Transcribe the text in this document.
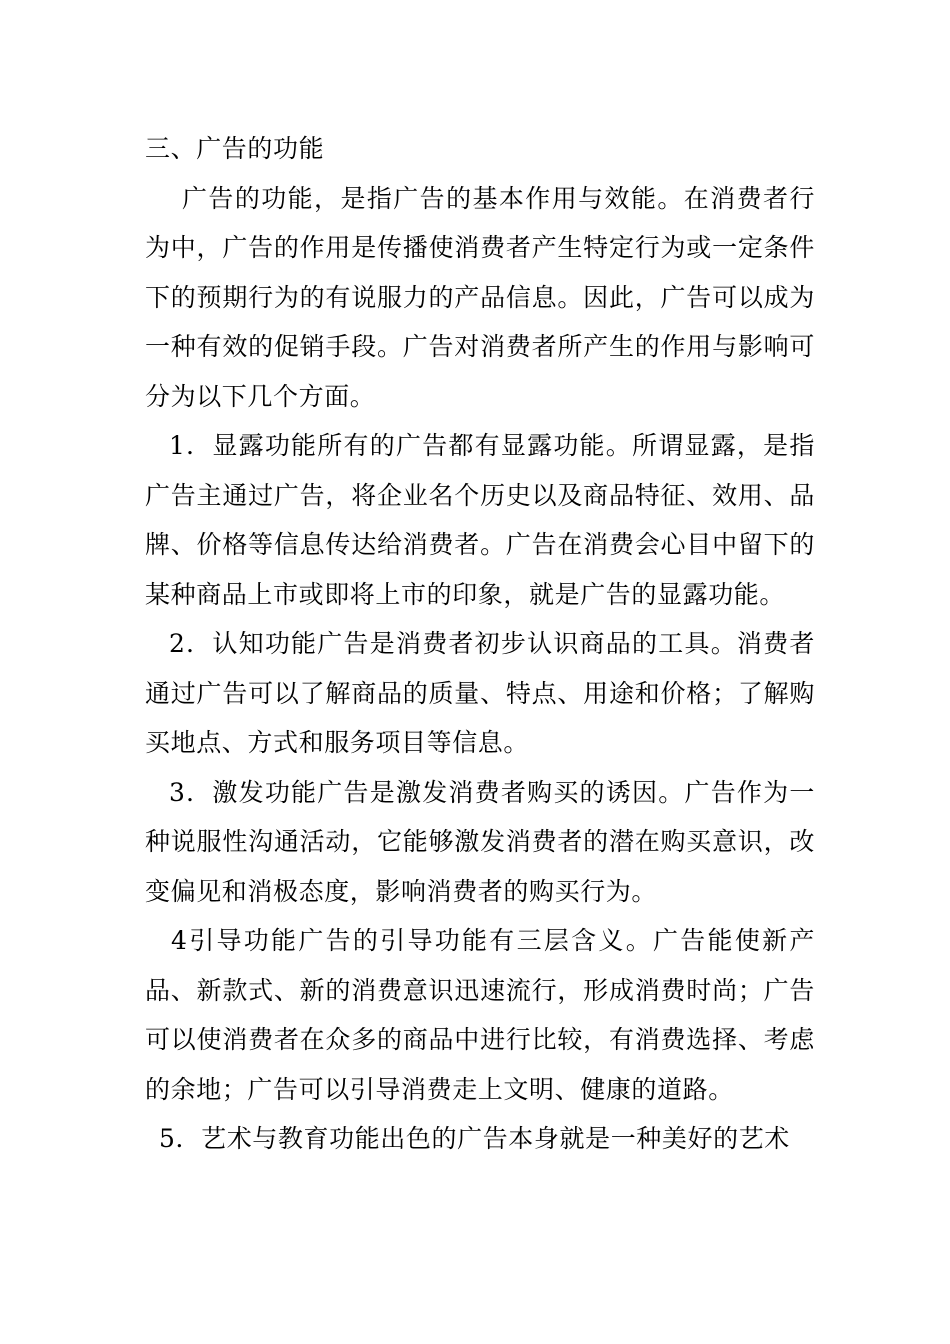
三、广告的功能

广告的功能，是指广告的基本作用与效能。在消费者行为中，广告的作用是传播使消费者产生特定行为或一定条件下的预期行为的有说服力的产品信息。因此，广告可以成为一种有效的促销手段。广告对消费者所产生的作用与影响可分为以下几个方面。

1．显露功能所有的广告都有显露功能。所谓显露，是指广告主通过广告，将企业名个历史以及商品特征、效用、品牌、价格等信息传达给消费者。广告在消费会心目中留下的某种商品上市或即将上市的印象，就是广告的显露功能。

2．认知功能广告是消费者初步认识商品的工具。消费者通过广告可以了解商品的质量、特点、用途和价格；了解购买地点、方式和服务项目等信息。

3．激发功能广告是激发消费者购买的诱因。广告作为一种说服性沟通活动，它能够激发消费者的潜在购买意识，改变偏见和消极态度，影响消费者的购买行为。

4引导功能广告的引导功能有三层含义。广告能使新产品、新款式、新的消费意识迅速流行，形成消费时尚；广告可以使消费者在众多的商品中进行比较，有消费选择、考虑的余地；广告可以引导消费走上文明、健康的道路。

5．艺术与教育功能出色的广告本身就是一种美好的艺术
